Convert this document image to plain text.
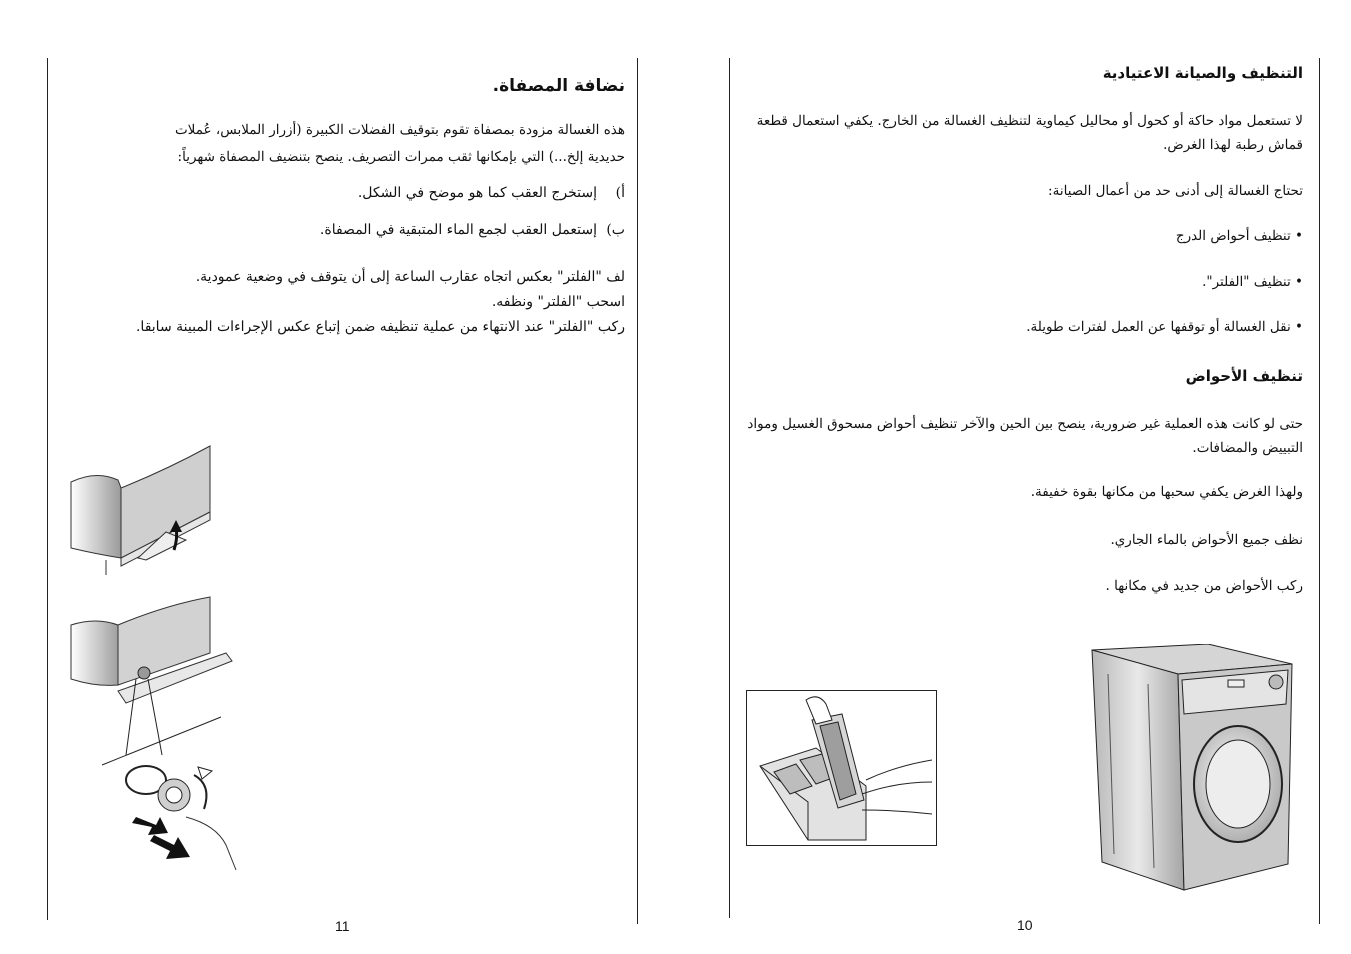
نضافة المصفاة.
هذه الغسالة مزودة بمصفاة تقوم بتوقيف الفضلات الكبيرة (أزرار الملابس، عُملات
حديدية إلخ...) التي بإمكانها ثقب ممرات التصريف. ينصح بتنضيف المصفاة شهرياً:
أ)إستخرج العقب كما هو موضح في الشكل.
ب)إستعمل العقب لجمع الماء المتبقية في المصفاة.
لف "الفلتر" بعكس اتجاه عقارب الساعة إلى أن يتوقف في وضعية عمودية.
اسحب "الفلتر" ونظفه.
ركب "الفلتر" عند الانتهاء من عملية تنظيفه ضمن إتباع عكس الإجراءات المبينة سابقا.
11
التنظيف والصيانة الاعتيادية
لا تستعمل مواد حاكة أو كحول أو محاليل كيماوية لتنظيف الغسالة من الخارج. يكفي استعمال قطعة قماش رطبة لهذا الغرض.
تحتاج الغسالة إلى أدنى حد من أعمال الصيانة:
• تنظيف أحواض الدرج
• تنظيف "الفلتر".
• نقل الغسالة أو توقفها عن العمل لفترات طويلة.
تنظيف الأحواض
حتى لو كانت هذه العملية غير ضرورية، ينصح بين الحين والآخر تنظيف أحواض مسحوق الغسيل ومواد التبييض والمضافات.
ولهذا الغرض يكفي سحبها من مكانها بقوة خفيفة.
نظف جميع الأحواض بالماء الجاري.
ركب الأحواض من جديد في مكانها .
10
